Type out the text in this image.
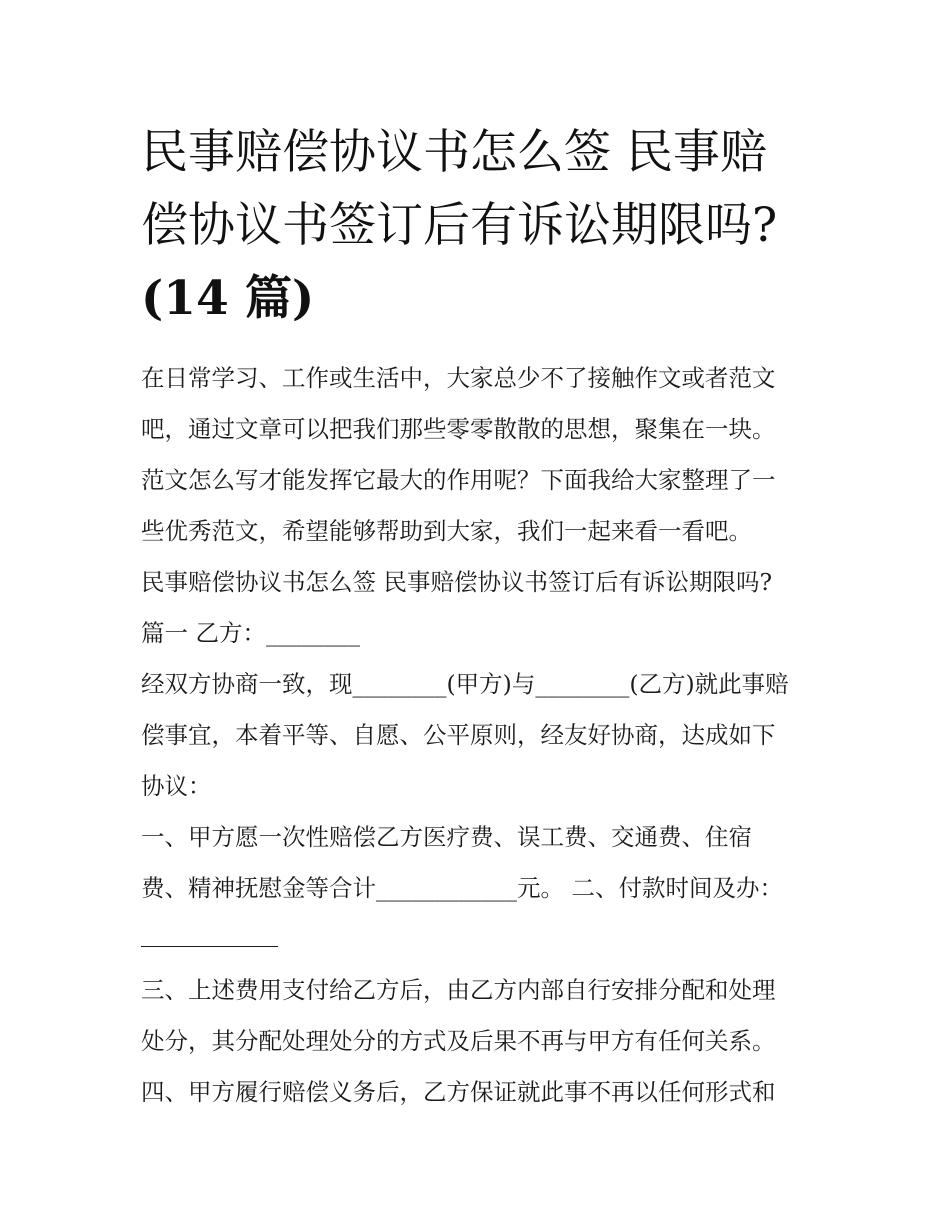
民事赔偿协议书怎么签 民事赔
偿协议书签订后有诉讼期限吗?
(14 篇)

在日常学习、工作或生活中，大家总少不了接触作文或者范文
吧，通过文章可以把我们那些零零散散的思想，聚集在一块。
范文怎么写才能发挥它最大的作用呢？下面我给大家整理了一
些优秀范文，希望能够帮助到大家，我们一起来看一看吧。

民事赔偿协议书怎么签 民事赔偿协议书签订后有诉讼期限吗?

篇一 乙方：________

经双方协商一致，现________(甲方)与________(乙方)就此事赔
偿事宜，本着平等、自愿、公平原则，经友好协商，达成如下
协议：

一、甲方愿一次性赔偿乙方医疗费、误工费、交通费、住宿
费、精神抚慰金等合计____________元。 二、付款时间及办：

三、上述费用支付给乙方后，由乙方内部自行安排分配和处理
处分，其分配处理处分的方式及后果不再与甲方有任何关系。

四、甲方履行赔偿义务后，乙方保证就此事不再以任何形式和
